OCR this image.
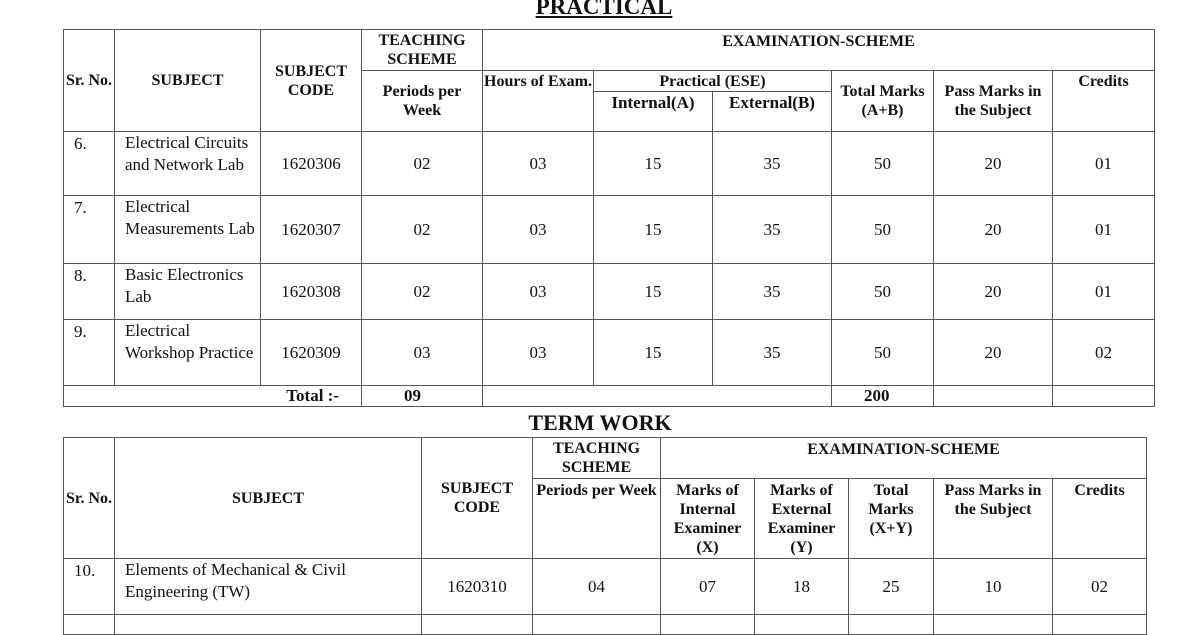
PRACTICAL
Sr. No.	SUBJECT	SUBJECT CODE	TEACHING SCHEME	EXAMINATION-SCHEME					
			Periods per Week	Hours of Exam.	Practical (ESE)		Total Marks (A+B)	Pass Marks in the Subject	Credits
					Internal(A)	External(B)			
6.	Electrical Circuits and Network Lab	1620306	02	03	15	35	50	20	01
7.	Electrical Measurements Lab	1620307	02	03	15	35	50	20	01
8.	Basic Electronics Lab	1620308	02	03	15	35	50	20	01
9.	Electrical Workshop Practice	1620309	03	03	15	35	50	20	02
Total :-			09				200		
TERM WORK
Sr. No.	SUBJECT	SUBJECT CODE	TEACHING SCHEME	EXAMINATION-SCHEME				
			Periods per Week	Marks of Internal Examiner (X)	Marks of External Examiner (Y)	Total Marks (X+Y)	Pass Marks in the Subject	Credits
10.	Elements of Mechanical & Civil Engineering (TW)	1620310	04	07	18	25	10	02
